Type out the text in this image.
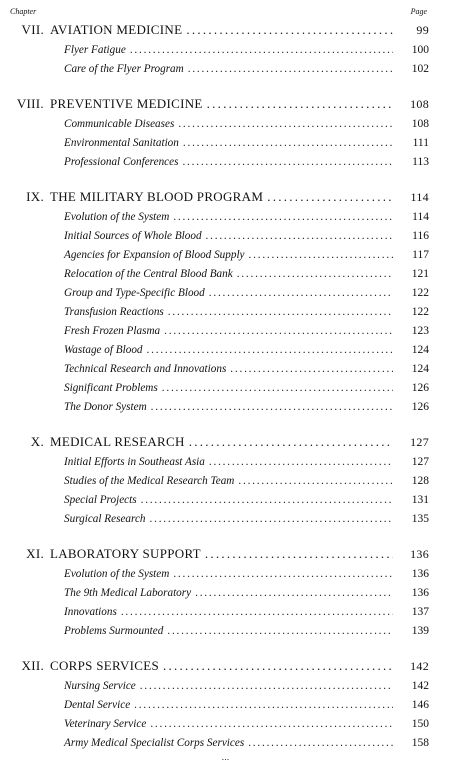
Chapter	Page
VII. AVIATION MEDICINE . . .	99
Flyer Fatigue . . .	100
Care of the Flyer Program . . .	102
VIII. PREVENTIVE MEDICINE . . .	108
Communicable Diseases . . .	108
Environmental Sanitation . . .	111
Professional Conferences . . .	113
IX. THE MILITARY BLOOD PROGRAM . . .	114
Evolution of the System . . .	114
Initial Sources of Whole Blood . . .	116
Agencies for Expansion of Blood Supply . . .	117
Relocation of the Central Blood Bank . . .	121
Group and Type-Specific Blood . . .	122
Transfusion Reactions . . .	122
Fresh Frozen Plasma . . .	123
Wastage of Blood . . .	124
Technical Research and Innovations . . .	124
Significant Problems . . .	126
The Donor System . . .	126
X. MEDICAL RESEARCH . . .	127
Initial Efforts in Southeast Asia . . .	127
Studies of the Medical Research Team . . .	128
Special Projects . . .	131
Surgical Research . . .	135
XI. LABORATORY SUPPORT . . .	136
Evolution of the System . . .	136
The 9th Medical Laboratory . . .	136
Innovations . . .	137
Problems Surmounted . . .	139
XII. CORPS SERVICES . . .	142
Nursing Service . . .	142
Dental Service . . .	146
Veterinary Service . . .	150
Army Medical Specialist Corps Services . . .	158
...
